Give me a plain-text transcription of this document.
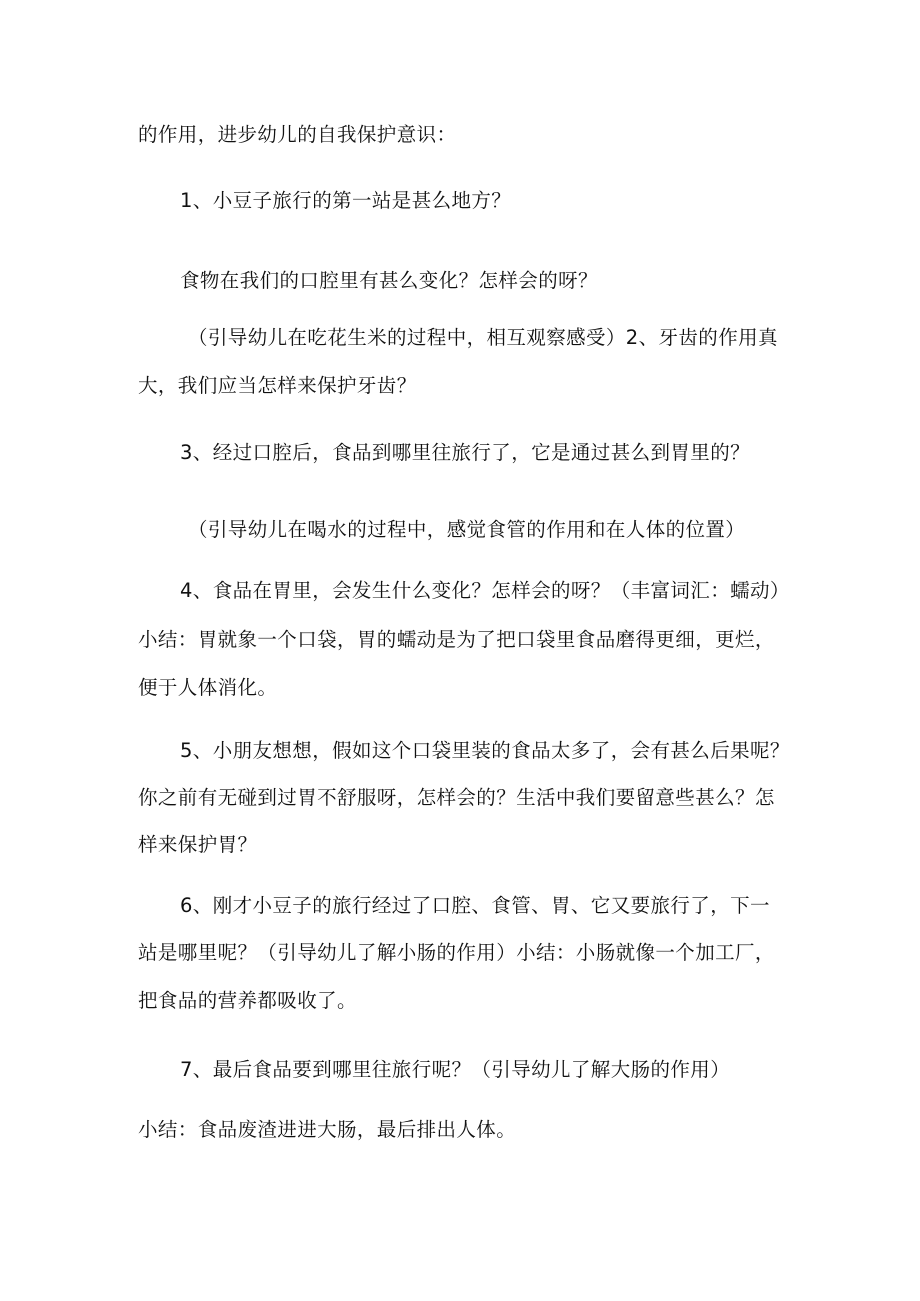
的作用，进步幼儿的自我保护意识：
1、小豆子旅行的第一站是甚么地方？
食物在我们的口腔里有甚么变化？怎样会的呀？
（引导幼儿在吃花生米的过程中，相互观察感受）2、牙齿的作用真
大，我们应当怎样来保护牙齿？
3、经过口腔后，食品到哪里往旅行了，它是通过甚么到胃里的？
（引导幼儿在喝水的过程中，感觉食管的作用和在人体的位置）
4、食品在胃里，会发生什么变化？怎样会的呀？（丰富词汇：蠕动）
小结：胃就象一个口袋，胃的蠕动是为了把口袋里食品磨得更细，更烂，
便于人体消化。
5、小朋友想想，假如这个口袋里装的食品太多了，会有甚么后果呢？
你之前有无碰到过胃不舒服呀，怎样会的？生活中我们要留意些甚么？怎
样来保护胃？
6、刚才小豆子的旅行经过了口腔、食管、胃、它又要旅行了，下一
站是哪里呢？（引导幼儿了解小肠的作用）小结：小肠就像一个加工厂，
把食品的营养都吸收了。
7、最后食品要到哪里往旅行呢？（引导幼儿了解大肠的作用）
小结：食品废渣进进大肠，最后排出人体。
